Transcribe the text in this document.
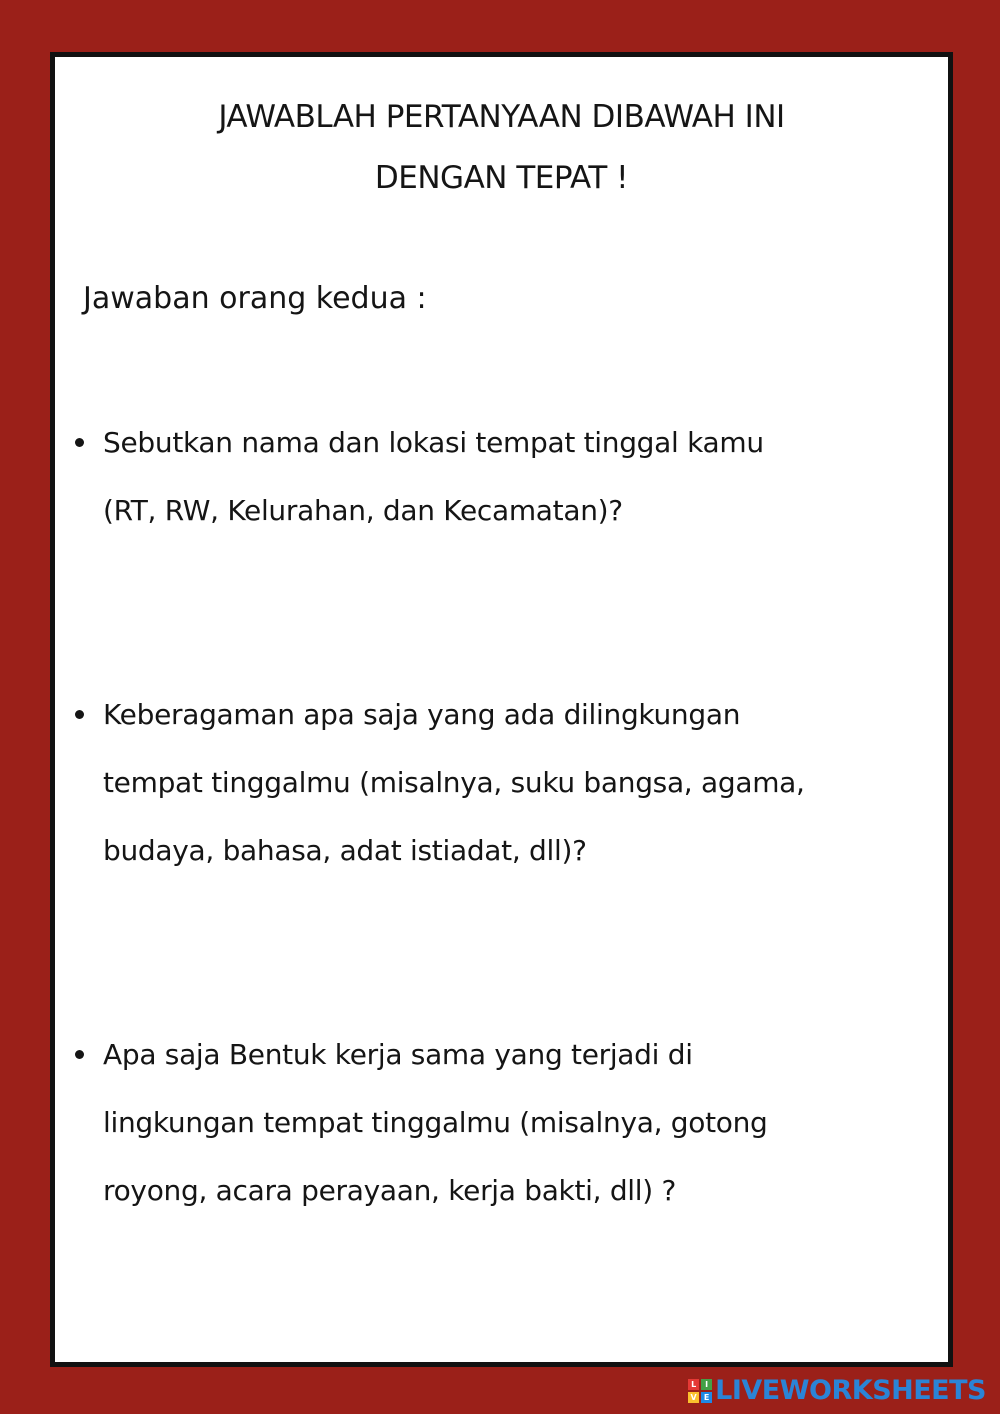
JAWABLAH PERTANYAAN DIBAWAH INI
DENGAN TEPAT !
Jawaban orang kedua :
Sebutkan nama dan lokasi tempat tinggal kamu
(RT, RW, Kelurahan, dan Kecamatan)?
Keberagaman apa saja yang ada dilingkungan
tempat tinggalmu (misalnya, suku bangsa, agama,
budaya, bahasa, adat istiadat, dll)?
Apa saja Bentuk kerja sama yang terjadi di
lingkungan tempat tinggalmu (misalnya, gotong
royong, acara perayaan, kerja bakti, dll) ?
L	I
V E LIVEWORKSHEETS
